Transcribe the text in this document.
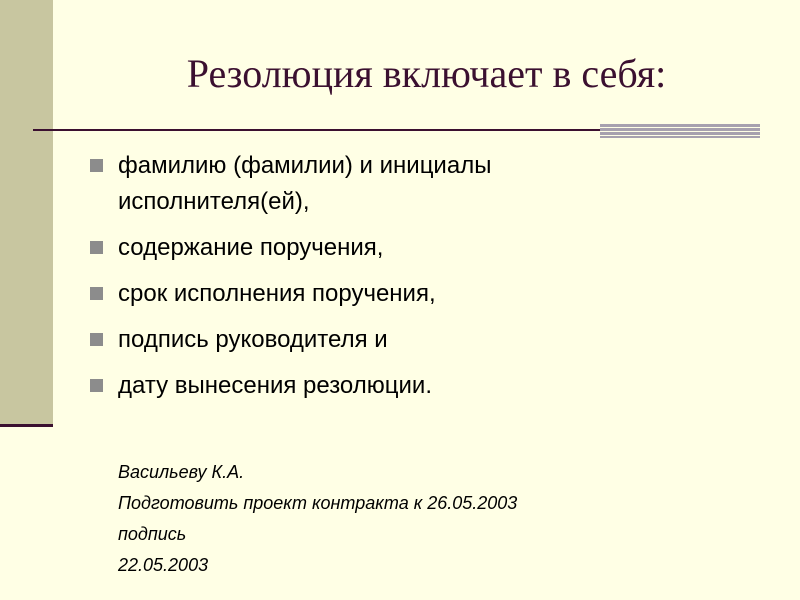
Резолюция включает в себя:
фамилию (фамилии) и инициалы исполнителя(ей),
содержание поручения,
срок исполнения поручения,
подпись руководителя и
дату вынесения резолюции.
Васильеву К.А.
Подготовить проект контракта к 26.05.2003
подпись
22.05.2003
